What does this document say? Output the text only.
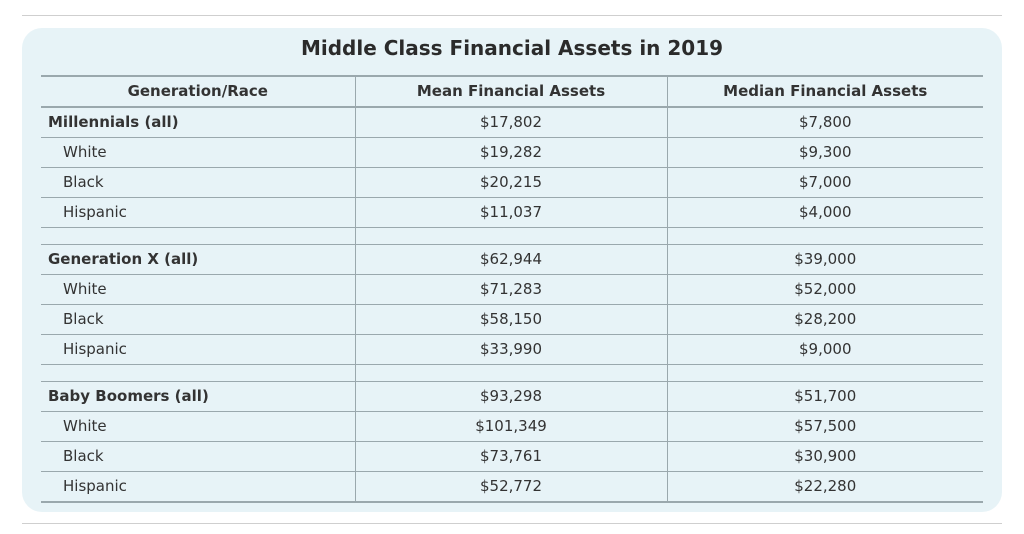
Middle Class Financial Assets in 2019
Generation/Race	Mean Financial Assets	Median Financial Assets
Millennials (all)	$17,802	$7,800
White	$19,282	$9,300
Black	$20,215	$7,000
Hispanic	$11,037	$4,000

Generation X (all)	$62,944	$39,000
White	$71,283	$52,000
Black	$58,150	$28,200
Hispanic	$33,990	$9,000

Baby Boomers (all)	$93,298	$51,700
White	$101,349	$57,500
Black	$73,761	$30,900
Hispanic	$52,772	$22,280
